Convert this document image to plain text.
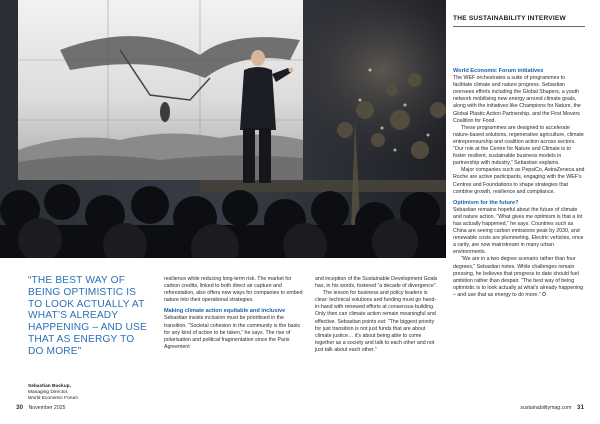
THE SUSTAINABILITY INTERVIEW
“THE BEST WAY OF BEING OPTIMISTIC IS TO LOOK ACTUALLY AT WHAT’S ALREADY HAPPENING – AND USE THAT AS ENERGY TO DO MORE”
Sebastian Buckup,
Managing Director,
World Economic Forum

resilience while reducing long-term risk. The market for carbon credits, linked to both direct air capture and reforestation, also offers new ways for companies to embed nature into their operational strategies.

Making climate action equitable and inclusive

Sebastian insists inclusion must be prioritised in the transition. “Societal cohesion in the community is the basis for any kind of action to be taken,” he says. The rise of polarisation and political fragmentation since the Paris Agreement

and inception of the Sustainable Development Goals has, in his words, fostered “a decade of divergence”.

The lesson for business and policy leaders is clear: technical solutions and funding must go hand-in-hand with renewed efforts at consensus-building. Only then can climate action remain meaningful and effective. Sebastian points out: “The biggest priority for just transition is not just funds that are about climate justice… it’s about being able to come together as a society and talk to each other and not just talk about each other.”

World Economic Forum initiatives

The WEF orchestrates a suite of programmes to facilitate climate and nature progress. Sebastian oversees efforts including the Global Shapers, a youth network mobilising new energy around climate goals, along with the initiatives like Champions for Nature, the Global Plastic Action Partnership, and the First Movers Coalition for Food.

These programmes are designed to accelerate nature-based solutions, regenerative agriculture, climate entrepreneurship and coalition action across sectors. “Our role at the Centre for Nature and Climate is to foster resilient, sustainable business models in partnership with industry,” Sebastian explains.

Major companies such as PepsiCo, AstraZeneca and Roche are active participants, engaging with the WEF’s Centres and Foundations to shape strategies that combine growth, resilience and compliance.

Optimism for the future?

Sebastian remains hopeful about the future of climate and nature action. “What gives me optimism is that a lot has actually happened,” he says. Countries such as China are seeing carbon emissions peak by 2030, and renewable costs are plummeting. Electric vehicles, once a rarity, are now mainstream in many urban environments.

“We are in a two degree scenario rather than four degrees,” Sebastian notes. While challenges remain pressing, he believes that progress to date should fuel ambition rather than despair. “The best way of being optimistic is to look actually at what’s already happening – and use that as energy to do more.” O

30 November 2025	sustainabilitymag.com 31
